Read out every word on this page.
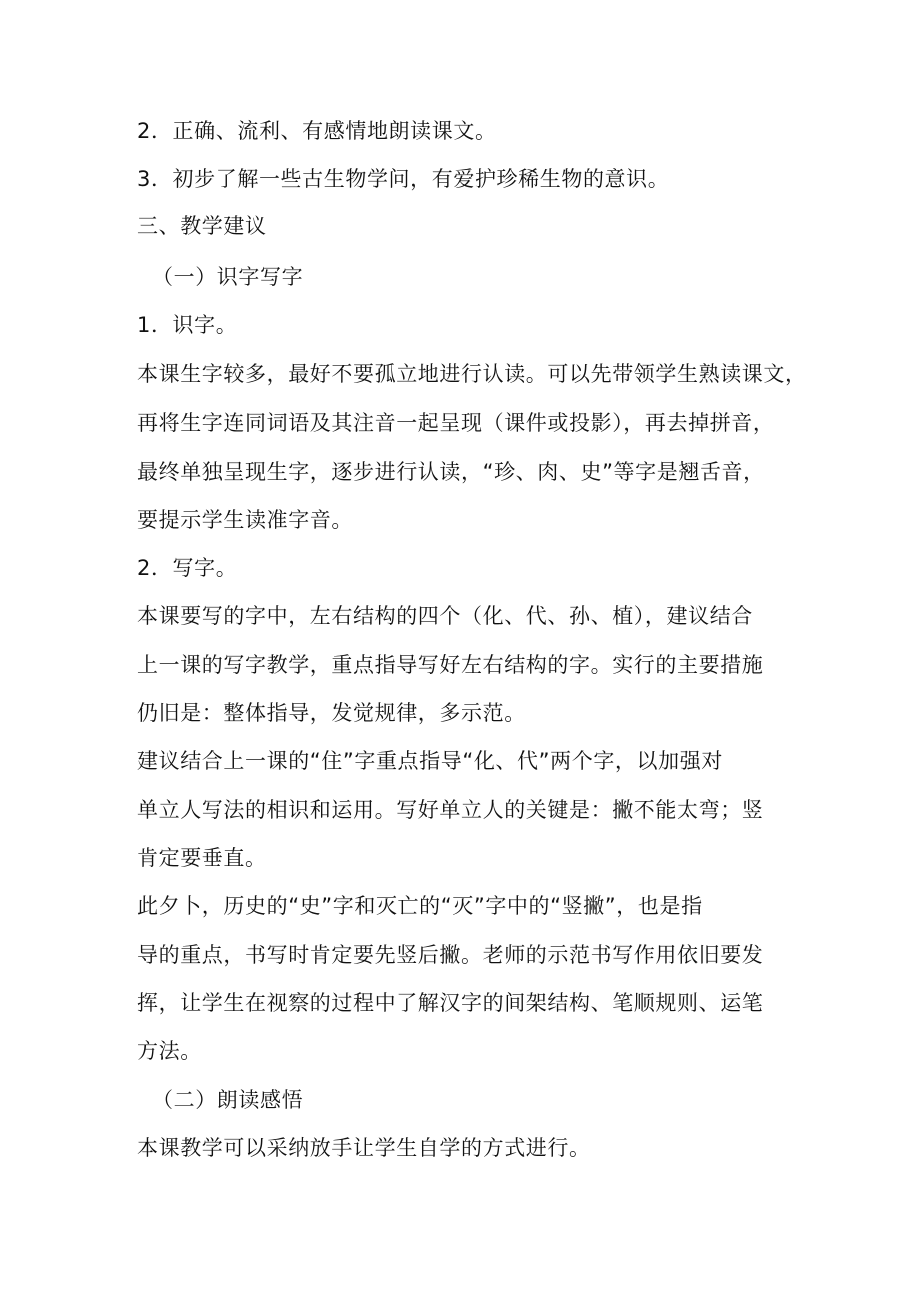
2．正确、流利、有感情地朗读课文。
3．初步了解一些古生物学问，有爱护珍稀生物的意识。
三、教学建议
（一）识字写字
1．识字。
本课生字较多，最好不要孤立地进行认读。可以先带领学生熟读课文，
再将生字连同词语及其注音一起呈现（课件或投影），再去掉拼音，
最终单独呈现生字，逐步进行认读，“珍、肉、史”等字是翘舌音，
要提示学生读准字音。
2．写字。
本课要写的字中，左右结构的四个（化、代、孙、植），建议结合
上一课的写字教学，重点指导写好左右结构的字。实行的主要措施
仍旧是：整体指导，发觉规律，多示范。
建议结合上一课的“住”字重点指导“化、代”两个字，以加强对
单立人写法的相识和运用。写好单立人的关键是：撇不能太弯；竖
肯定要垂直。
此夕卜，历史的“史”字和灭亡的“灭”字中的“竖撇”，也是指
导的重点，书写时肯定要先竖后撇。老师的示范书写作用依旧要发
挥，让学生在视察的过程中了解汉字的间架结构、笔顺规则、运笔
方法。
（二）朗读感悟
本课教学可以采纳放手让学生自学的方式进行。
